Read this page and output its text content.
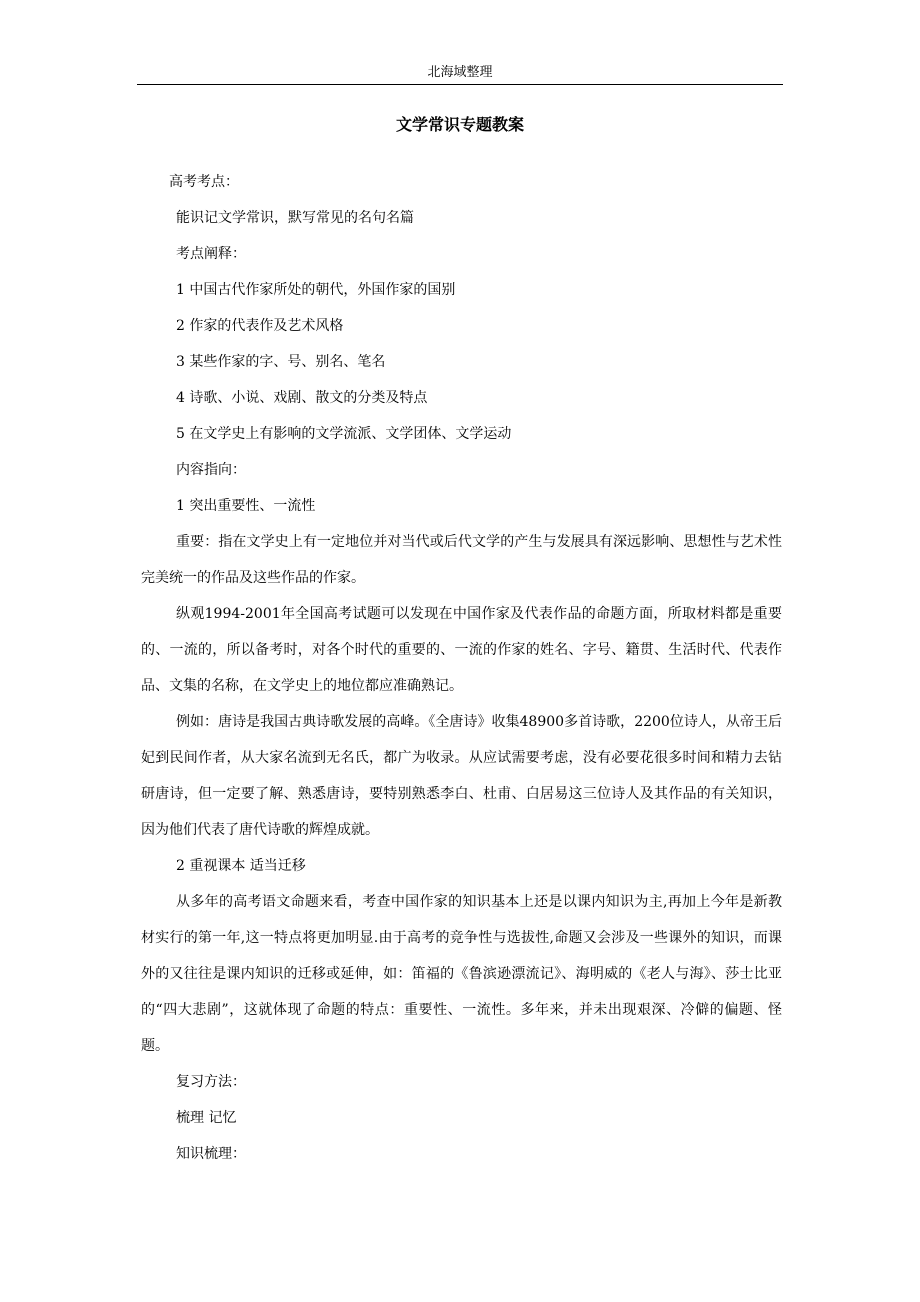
北海域整理
文学常识专题教案

高考考点：

能识记文学常识，默写常见的名句名篇

考点阐释：

1 中国古代作家所处的朝代，外国作家的国别

2 作家的代表作及艺术风格

3 某些作家的字、号、别名、笔名

4 诗歌、小说、戏剧、散文的分类及特点

5 在文学史上有影响的文学流派、文学团体、文学运动

内容指向：

1 突出重要性、一流性

重要：指在文学史上有一定地位并对当代或后代文学的产生与发展具有深远影响、思想性与艺术性完美统一的作品及这些作品的作家。

纵观1994-2001年全国高考试题可以发现在中国作家及代表作品的命题方面，所取材料都是重要的、一流的，所以备考时，对各个时代的重要的、一流的作家的姓名、字号、籍贯、生活时代、代表作品、文集的名称，在文学史上的地位都应准确熟记。

例如：唐诗是我国古典诗歌发展的高峰。《全唐诗》收集48900多首诗歌，2200位诗人，从帝王后妃到民间作者，从大家名流到无名氏，都广为收录。从应试需要考虑，没有必要花很多时间和精力去钻研唐诗，但一定要了解、熟悉唐诗，要特别熟悉李白、杜甫、白居易这三位诗人及其作品的有关知识，因为他们代表了唐代诗歌的辉煌成就。

2 重视课本 适当迁移

从多年的高考语文命题来看，考查中国作家的知识基本上还是以课内知识为主,再加上今年是新教材实行的第一年,这一特点将更加明显.由于高考的竞争性与选拔性,命题又会涉及一些课外的知识，而课外的又往往是课内知识的迁移或延伸，如：笛福的《鲁滨逊漂流记》、海明威的《老人与海》、莎士比亚的“四大悲剧”，这就体现了命题的特点：重要性、一流性。多年来，并未出现艰深、冷僻的偏题、怪题。

复习方法：

梳理 记忆

知识梳理：
